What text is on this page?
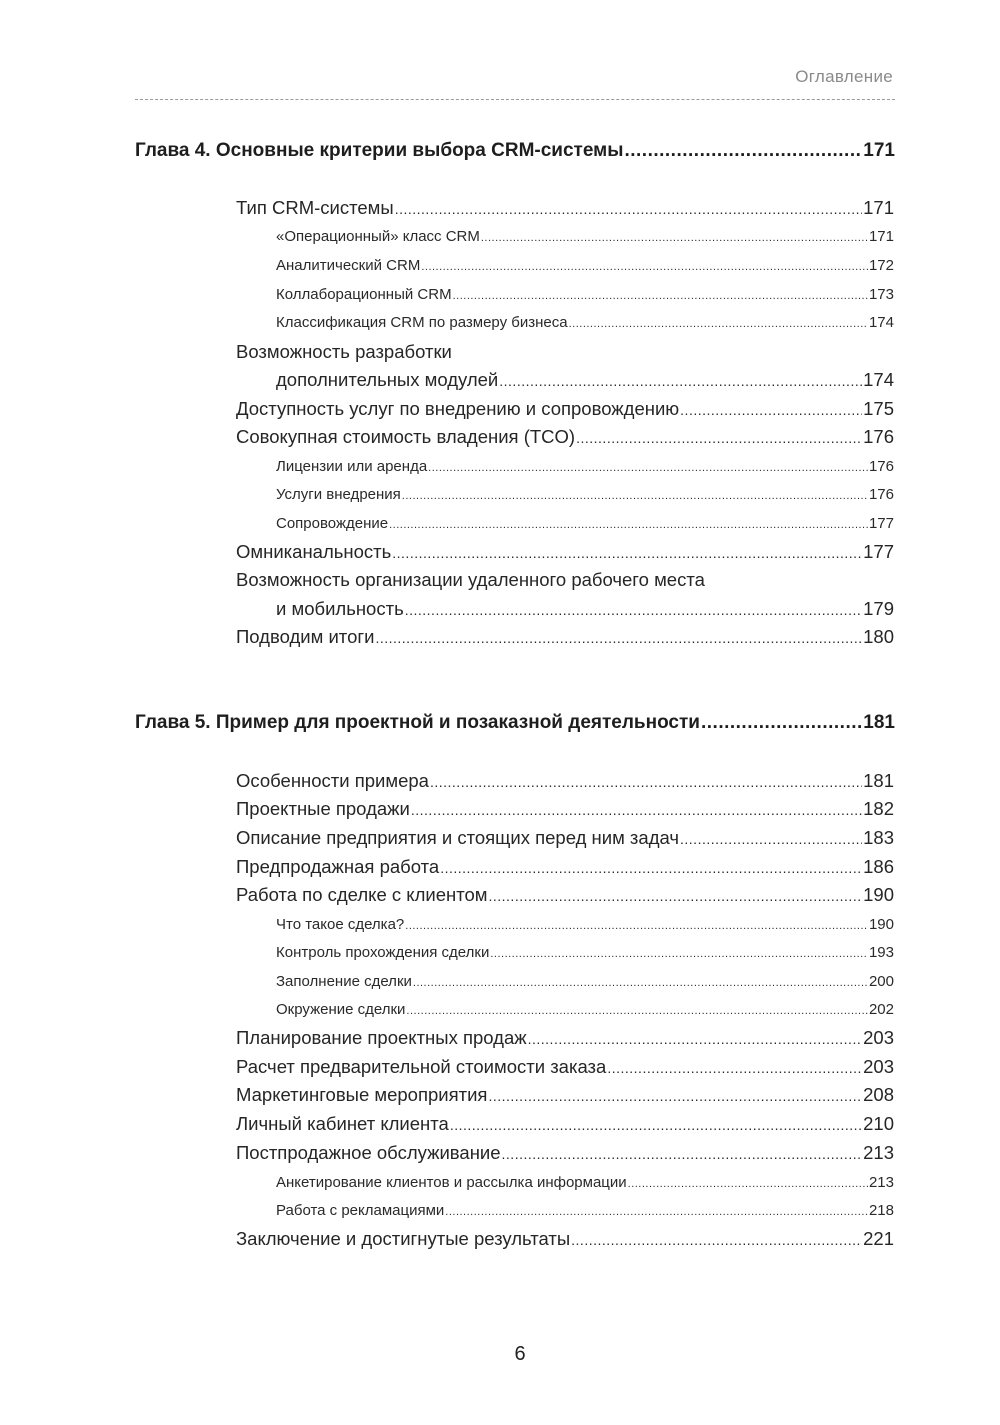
Оглавление
Глава 4. Основные критерии выбора CRM-системы .....	171
Тип CRM-системы .....	171
«Операционный» класс CRM .....	171
Аналитический CRM .....	172
Коллаборационный CRM .....	173
Классификация CRM по размеру бизнеса .....	174
Возможность разработки
дополнительных модулей .....	174
Доступность услуг по внедрению и сопровождению .....	175
Совокупная стоимость владения (TCO) .....	176
Лицензии или аренда .....	176
Услуги внедрения .....	176
Сопровождение .....	177
Омниканальность .....	177
Возможность организации удаленного рабочего места
и мобильность .....	179
Подводим итоги .....	180
Глава 5. Пример для проектной и позаказной деятельности .....	181
Особенности примера .....	181
Проектные продажи .....	182
Описание предприятия и стоящих перед ним задач .....	183
Предпродажная работа .....	186
Работа по сделке с клиентом .....	190
Что такое сделка? .....	190
Контроль прохождения сделки .....	193
Заполнение сделки .....	200
Окружение сделки .....	202
Планирование проектных продаж .....	203
Расчет предварительной стоимости заказа .....	203
Маркетинговые мероприятия .....	208
Личный кабинет клиента .....	210
Постпродажное обслуживание .....	213
Анкетирование клиентов и рассылка информации .....	213
Работа с рекламациями .....	218
Заключение и достигнутые результаты .....	221
6
